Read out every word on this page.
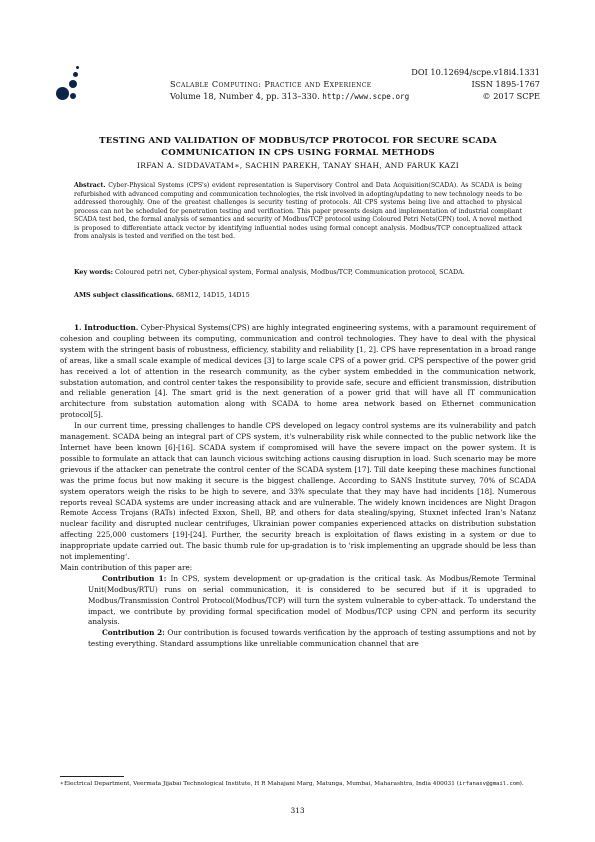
DOI 10.12694/scpe.v18i4.1331
Scalable Computing: Practice and Experience	ISSN 1895-1767
Volume 18, Number 4, pp. 313–330. http://www.scpe.org	© 2017 SCPE
TESTING AND VALIDATION OF MODBUS/TCP PROTOCOL FOR SECURE SCADA
COMMUNICATION IN CPS USING FORMAL METHODS
IRFAN A. SIDDAVATAM∗, SACHIN PAREKH, TANAY SHAH, AND FARUK KAZI
Abstract. Cyber-Physical Systems (CPS's) evident representation is Supervisory Control and Data Acquisition(SCADA). As SCADA is being refurbished with advanced computing and communication technologies, the risk involved in adopting/updating to new technology needs to be addressed thoroughly. One of the greatest challenges is security testing of protocols. All CPS systems being live and attached to physical process can not be scheduled for penetration testing and verification. This paper presents design and implementation of industrial compliant SCADA test bed, the formal analysis of semantics and security of Modbus/TCP protocol using Coloured Petri Nets(CPN) tool. A novel method is proposed to differentiate attack vector by identifying influential nodes using formal concept analysis. Modbus/TCP conceptualized attack from analysis is tested and verified on the test bed.
Key words: Coloured petri net, Cyber-physical system, Formal analysis, Modbus/TCP, Communication protocol, SCADA.
AMS subject classifications. 68M12, 14D15, 14D15

1. Introduction. Cyber-Physical Systems(CPS) are highly integrated engineering systems, with a paramount requirement of cohesion and coupling between its computing, communication and control technologies. They have to deal with the physical system with the stringent basis of robustness, efficiency, stability and reliability [1, 2]. CPS have representation in a broad range of areas, like a small scale example of medical devices [3] to large scale CPS of a power grid. CPS perspective of the power grid has received a lot of attention in the research community, as the cyber system embedded in the communication network, substation automation, and control center takes the responsibility to provide safe, secure and efficient transmission, distribution and reliable generation [4]. The smart grid is the next generation of a power grid that will have all IT communication architecture from substation automation along with SCADA to home area network based on Ethernet communication protocol[5].

In our current time, pressing challenges to handle CPS developed on legacy control systems are its vulnerability and patch management. SCADA being an integral part of CPS system, it's vulnerability risk while connected to the public network like the Internet have been known [6]-[16]. SCADA system if compromised will have the severe impact on the power system. It is possible to formulate an attack that can launch vicious switching actions causing disruption in load. Such scenario may be more grievous if the attacker can penetrate the control center of the SCADA system [17]. Till date keeping these machines functional was the prime focus but now making it secure is the biggest challenge. According to SANS Institute survey, 70% of SCADA system operators weigh the risks to be high to severe, and 33% speculate that they may have had incidents [18]. Numerous reports reveal SCADA systems are under increasing attack and are vulnerable. The widely known incidences are Night Dragon Remote Access Trojans (RATs) infected Exxon, Shell, BP, and others for data stealing/spying, Stuxnet infected Iran's Natanz nuclear facility and disrupted nuclear centrifuges, Ukrainian power companies experienced attacks on distribution substation affecting 225,000 customers [19]-[24]. Further, the security breach is exploitation of flaws existing in a system or due to inappropriate update carried out. The basic thumb rule for up-gradation is to 'risk implementing an upgrade should be less than not implementing'.

Main contribution of this paper are:

Contribution 1: In CPS, system development or up-gradation is the critical task. As Modbus/Remote Terminal Unit(Modbus/RTU) runs on serial communication, it is considered to be secured but if it is upgraded to Modbus/Transmission Control Protocol(Modbus/TCP) will turn the system vulnerable to cyber-attack. To understand the impact, we contribute by providing formal specification model of Modbus/TCP using CPN and perform its security analysis.

Contribution 2: Our contribution is focused towards verification by the approach of testing assumptions and not by testing everything. Standard assumptions like unreliable communication channel that are

∗Electrical Department, Veermata Jijabai Technological Institute, H R Mahajani Marg, Matunga, Mumbai, Maharashtra, India 400031 (irfanasv@gmail.com).
313
